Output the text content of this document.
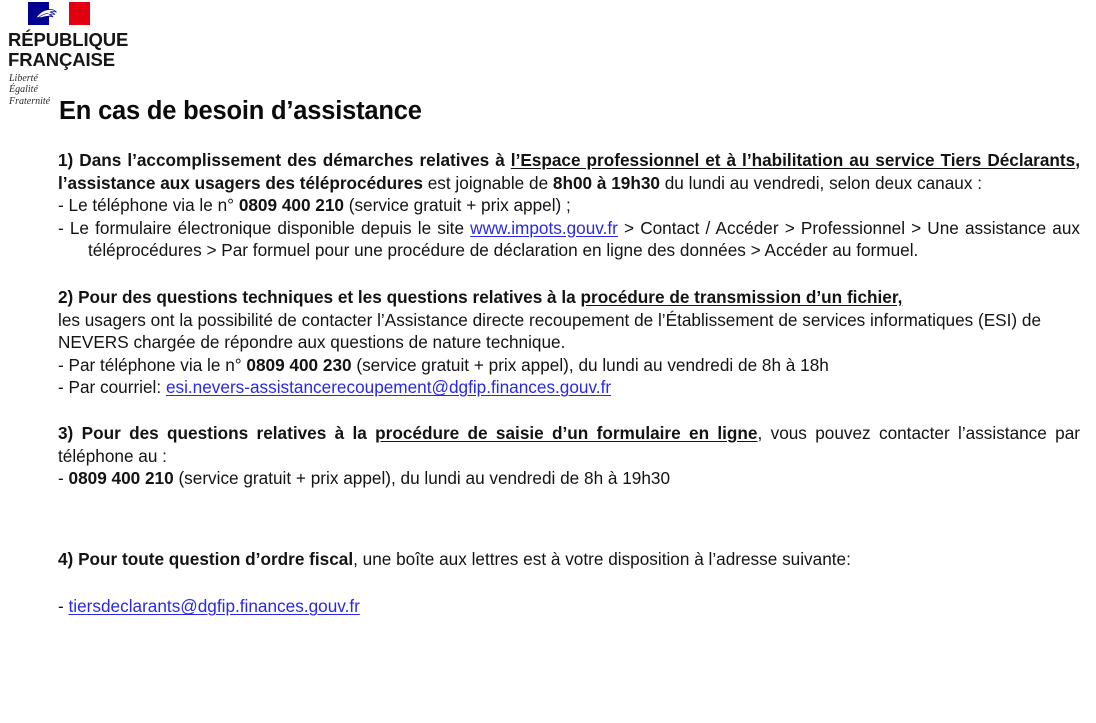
RÉPUBLIQUE
FRANÇAISE
Liberté
Égalité
Fraternité En cas de besoin d’assistance
1) Dans l’accomplissement des démarches relatives à l’Espace professionnel et à l’habilitation au service Tiers Déclarants, l’assistance aux usagers des téléprocédures est joignable de 8h00 à 19h30 du lundi au vendredi, selon deux canaux :
- Le téléphone via le n° 0809 400 210 (service gratuit + prix appel) ;
- Le formulaire électronique disponible depuis le site www.impots.gouv.fr > Contact / Accéder > Professionnel > Une assistance aux téléprocédures > Par formuel pour une procédure de déclaration en ligne des données > Accéder au formuel.
2) Pour des questions techniques et les questions relatives à la procédure de transmission d’un fichier,
les usagers ont la possibilité de contacter l’Assistance directe recoupement de l’Établissement de services informatiques (ESI) de NEVERS chargée de répondre aux questions de nature technique.
- Par téléphone via le n° 0809 400 230 (service gratuit + prix appel), du lundi au vendredi de 8h à 18h
- Par courriel: esi.nevers-assistancerecoupement@dgfip.finances.gouv.fr
3) Pour des questions relatives à la procédure de saisie d’un formulaire en ligne, vous pouvez contacter l’assistance par téléphone au :
- 0809 400 210 (service gratuit + prix appel), du lundi au vendredi de 8h à 19h30
4) Pour toute question d’ordre fiscal, une boîte aux lettres est à votre disposition à l’adresse suivante:
- tiersdeclarants@dgfip.finances.gouv.fr
